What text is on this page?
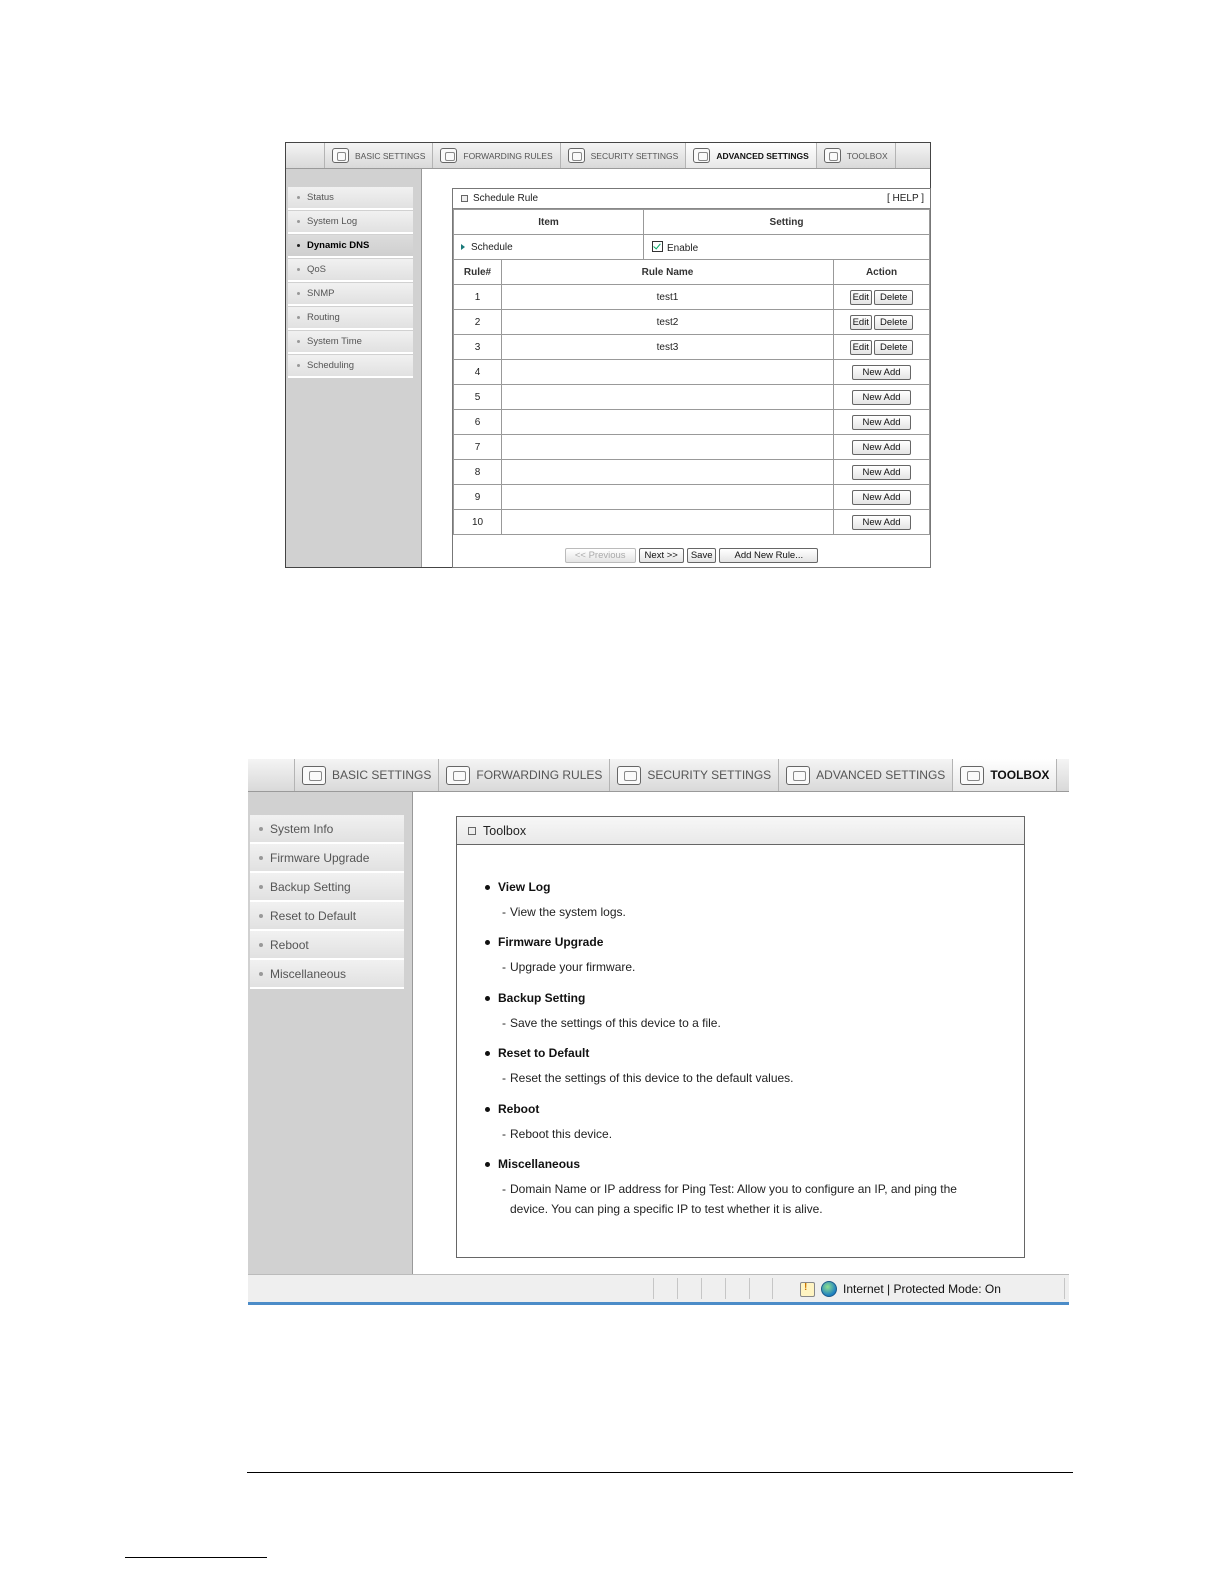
BASIC SETTINGS	FORWARDING RULES	SECURITY SETTINGS	ADVANCED SETTINGS	TOOLBOX
Status
System Log
Dynamic DNS
QoS
SNMP
Routing
System Time
Scheduling
Schedule Rule	[ HELP ]
Item	Setting
Schedule	Enable
Rule#	Rule Name	Action
1	test1	Edit Delete
2	test2	Edit Delete
3	test3	Edit Delete
4		New Add
5		New Add
6		New Add
7		New Add
8		New Add
9		New Add
10		New Add
<< Previous	Next >>	Save	Add New Rule...
BASIC SETTINGS	FORWARDING RULES	SECURITY SETTINGS	ADVANCED SETTINGS	TOOLBOX
System Info
Firmware Upgrade
Backup Setting
Reset to Default
Reboot
Miscellaneous
Toolbox
View Log
- View the system logs.
Firmware Upgrade
- Upgrade your firmware.
Backup Setting
- Save the settings of this device to a file.
Reset to Default
- Reset the settings of this device to the default values.
Reboot
- Reboot this device.
Miscellaneous
- Domain Name or IP address for Ping Test: Allow you to configure an IP, and ping the device. You can ping a specific IP to test whether it is alive.
!
Internet | Protected Mode: On
